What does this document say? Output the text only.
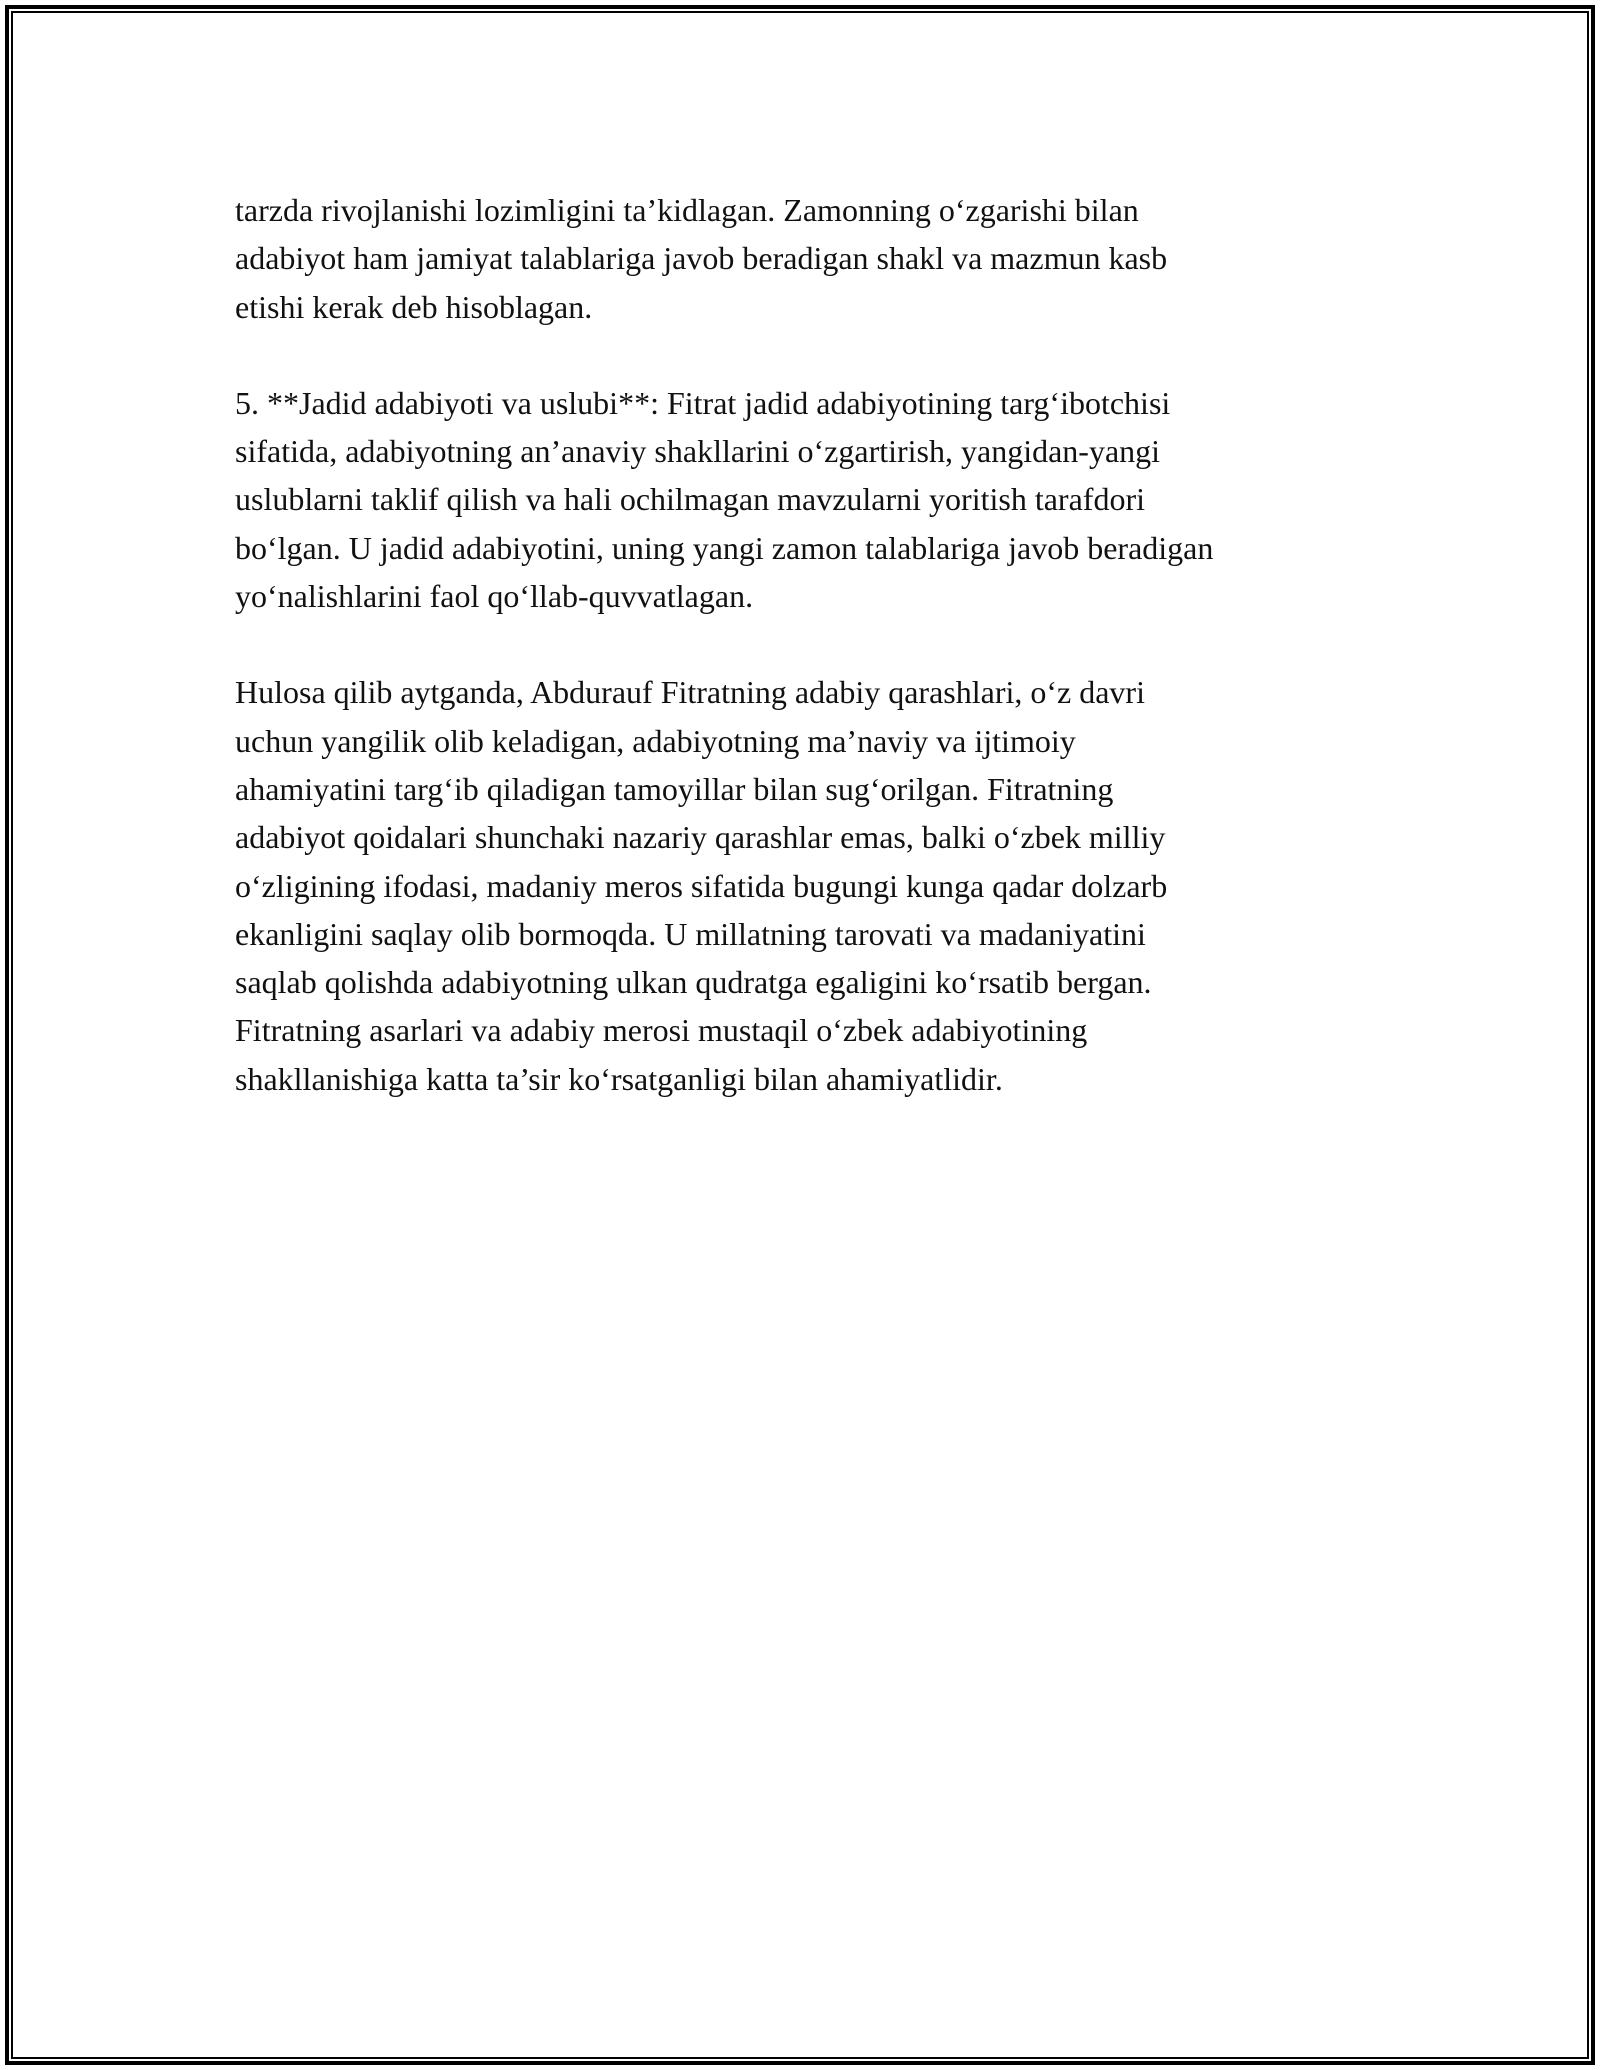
tarzda rivojlanishi lozimligini ta’kidlagan. Zamonning o‘zgarishi bilan
adabiyot ham jamiyat talablariga javob beradigan shakl va mazmun kasb
etishi kerak deb hisoblagan.

5. **Jadid adabiyoti va uslubi**: Fitrat jadid adabiyotining targ‘ibotchisi
sifatida, adabiyotning an’anaviy shakllarini o‘zgartirish, yangidan-yangi
uslublarni taklif qilish va hali ochilmagan mavzularni yoritish tarafdori
bo‘lgan. U jadid adabiyotini, uning yangi zamon talablariga javob beradigan
yo‘nalishlarini faol qo‘llab-quvvatlagan.

Hulosa qilib aytganda, Abdurauf Fitratning adabiy qarashlari, o‘z davri
uchun yangilik olib keladigan, adabiyotning ma’naviy va ijtimoiy
ahamiyatini targ‘ib qiladigan tamoyillar bilan sug‘orilgan. Fitratning
adabiyot qoidalari shunchaki nazariy qarashlar emas, balki o‘zbek milliy
o‘zligining ifodasi, madaniy meros sifatida bugungi kunga qadar dolzarb
ekanligini saqlay olib bormoqda. U millatning tarovati va madaniyatini
saqlab qolishda adabiyotning ulkan qudratga egaligini ko‘rsatib bergan.
Fitratning asarlari va adabiy merosi mustaqil o‘zbek adabiyotining
shakllanishiga katta ta’sir ko‘rsatganligi bilan ahamiyatlidir.
